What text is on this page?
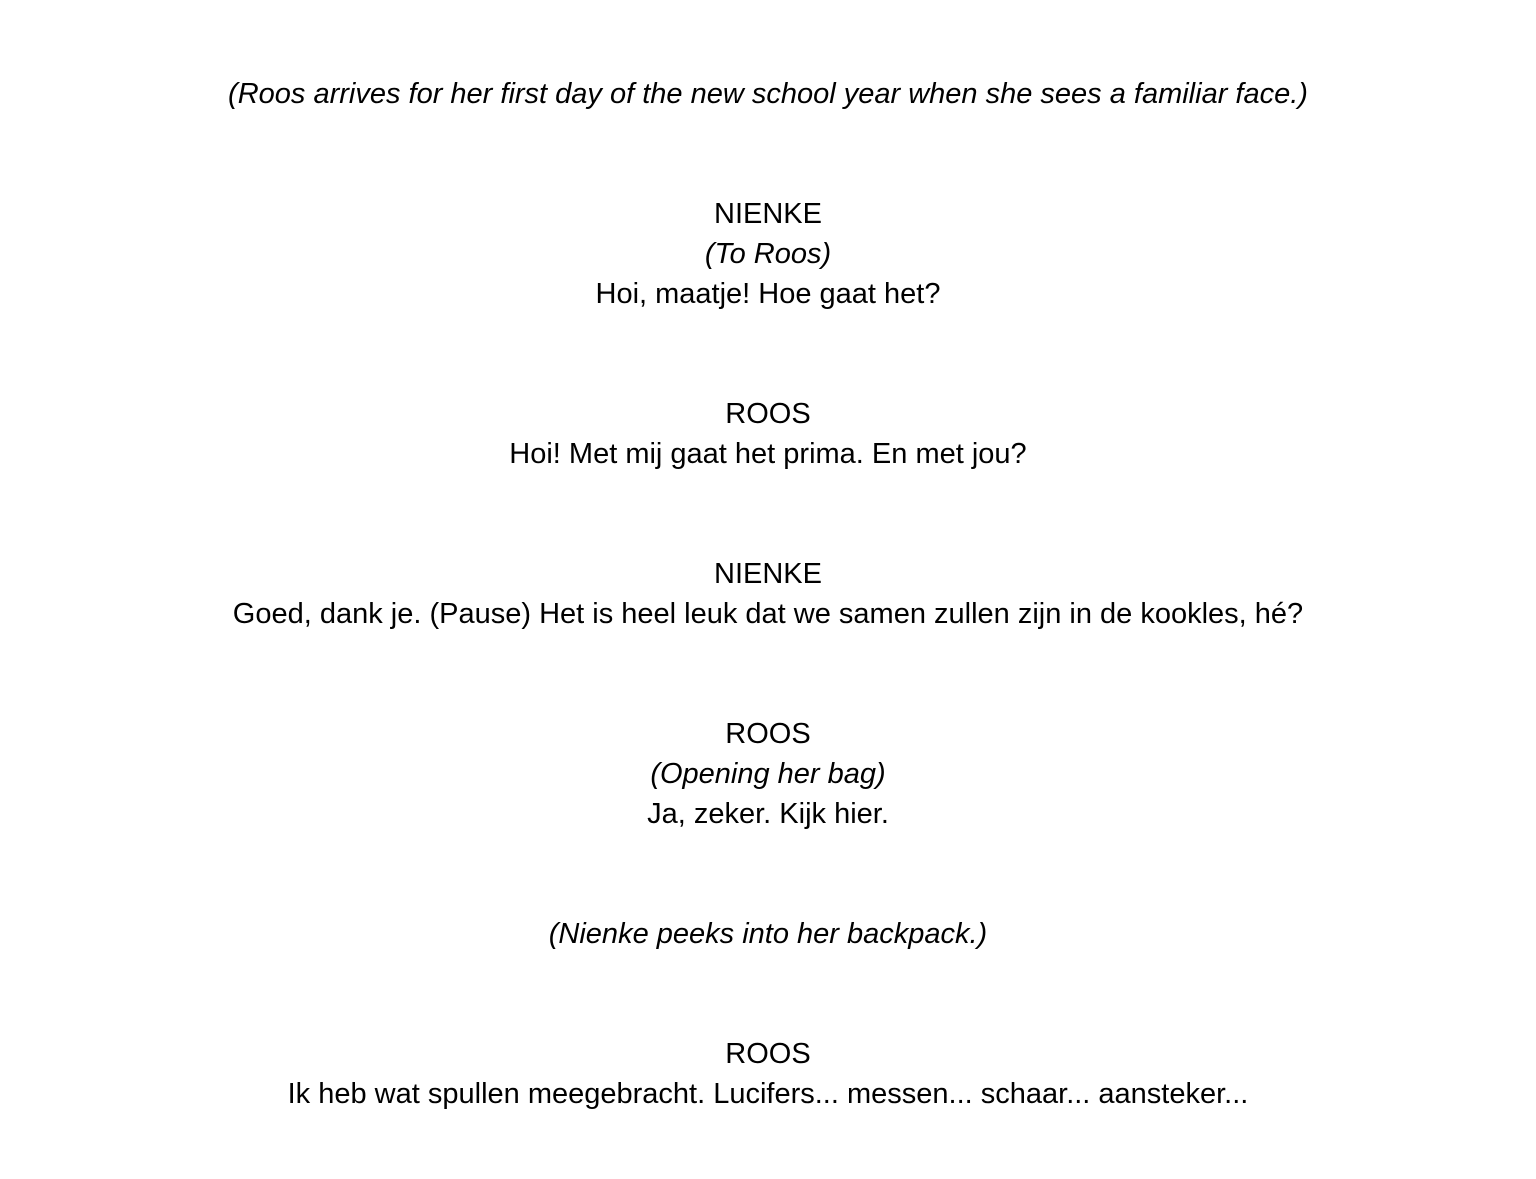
(Roos arrives for her first day of the new school year when she sees a familiar face.)
NIENKE
(To Roos)
Hoi, maatje! Hoe gaat het?
ROOS
Hoi! Met mij gaat het prima. En met jou?
NIENKE
Goed, dank je. (Pause) Het is heel leuk dat we samen zullen zijn in de kookles, hé?
ROOS
(Opening her bag)
Ja, zeker. Kijk hier.
(Nienke peeks into her backpack.)
ROOS
Ik heb wat spullen meegebracht. Lucifers... messen... schaar... aansteker...
